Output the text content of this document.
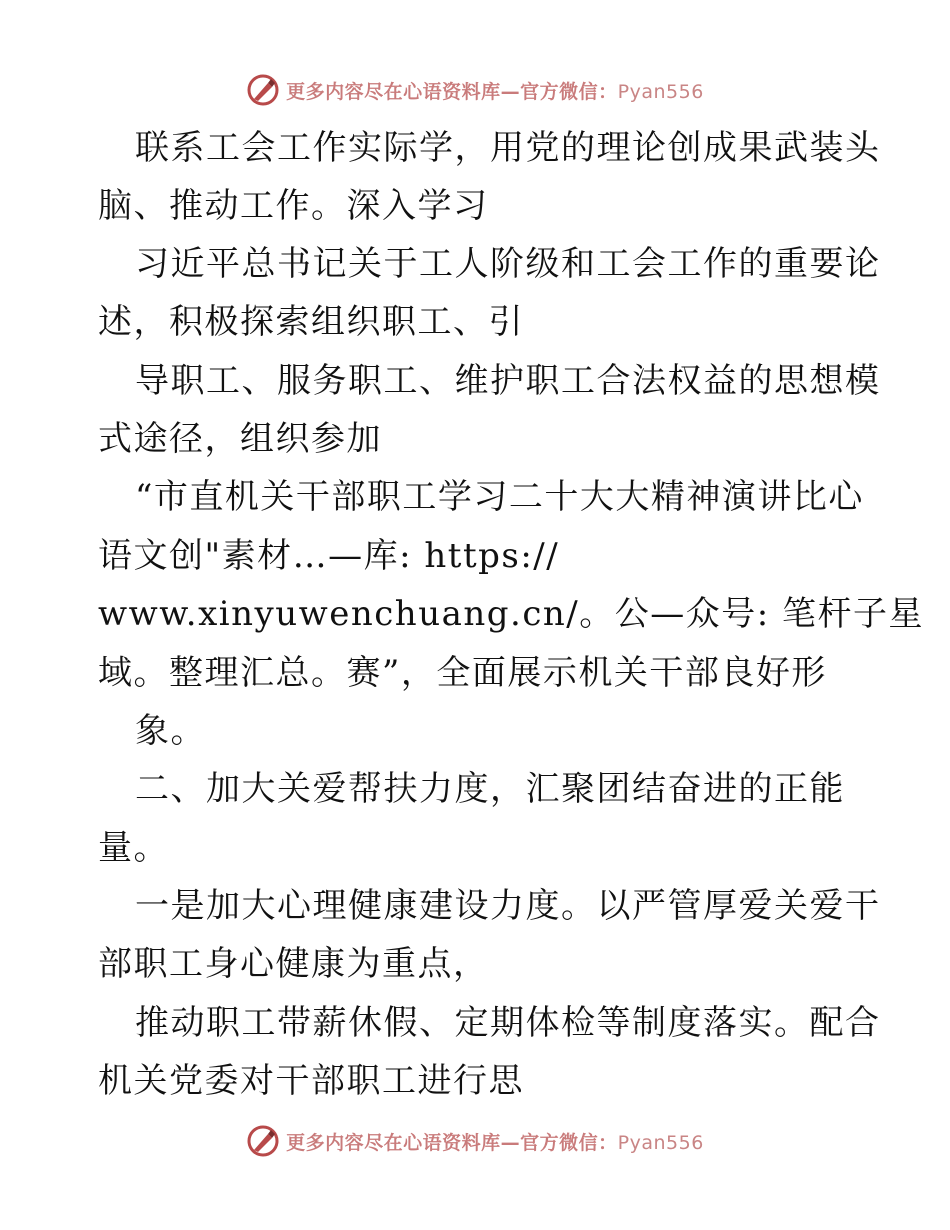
更多内容尽在心语资料库—官方微信：Pyan556
联系工会工作实际学，用党的理论创成果武装头
脑、推动工作。深入学习
习近平总书记关于工人阶级和工会工作的重要论
述，积极探索组织职工、引
导职工、服务职工、维护职工合法权益的思想模
式途径，组织参加
“市直机关干部职工学习二十大大精神演讲比心
语文创"素材…—库: https://
www.xinyuwenchuang.cn/。公—众号: 笔杆子星
域。整理汇总。赛”，全面展示机关干部良好形
象。
二、加大关爱帮扶力度，汇聚团结奋进的正能
量。
一是加大心理健康建设力度。以严管厚爱关爱干
部职工身心健康为重点，
推动职工带薪休假、定期体检等制度落实。配合
机关党委对干部职工进行思
更多内容尽在心语资料库—官方微信：Pyan556
